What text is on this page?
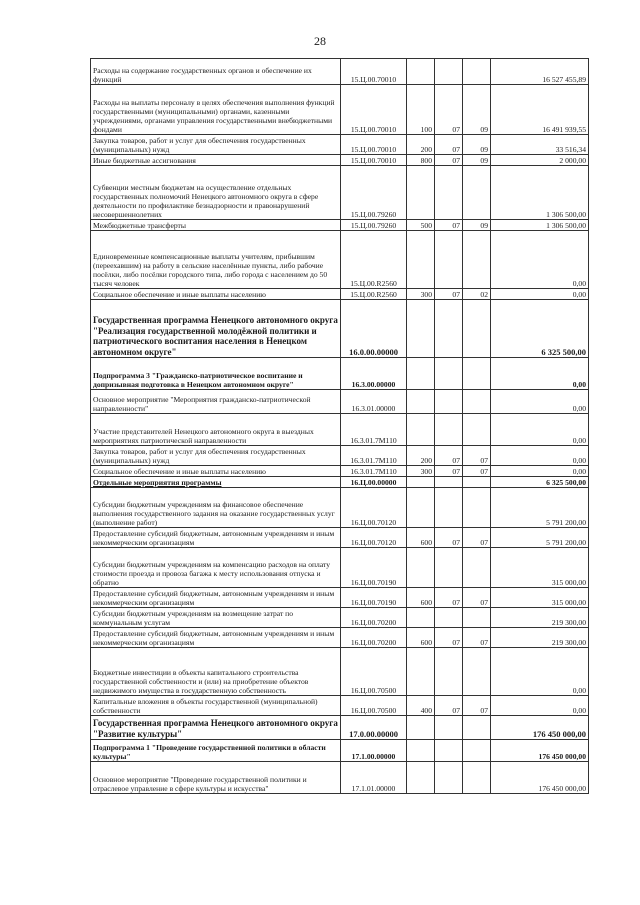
28
Расходы на содержание государственных органов и обеспечение их функций	15.Ц.00.70010				16 527 455,89
Расходы на выплаты персоналу в целях обеспечения выполнения функций государственными (муниципальными) органами, казенными учреждениями, органами управления государственными внебюджетными фондами	15.Ц.00.70010	100	07	09	16 491 939,55
Закупка товаров, работ и услуг для обеспечения государственных (муниципальных) нужд	15.Ц.00.70010	200	07	09	33 516,34
Иные бюджетные ассигнования	15.Ц.00.70010	800	07	09	2 000,00
Субвенции местным бюджетам на осуществление отдельных государственных полномочий Ненецкого автономного округа в сфере деятельности по профилактике безнадзорности и правонарушений несовершеннолетних	15.Ц.00.79260				1 306 500,00
Межбюджетные трансферты	15.Ц.00.79260	500	07	09	1 306 500,00
Единовременные компенсационные выплаты учителям, прибывшим (переехавшим) на работу в сельские населённые пункты, либо рабочие посёлки, либо посёлки городского типа, либо города с населением до 50 тысяч человек	15.Ц.00.R2560				0,00
Социальное обеспечение и иные выплаты населению	15.Ц.00.R2560	300	07	02	0,00
Государственная программа Ненецкого автономного округа "Реализация государственной молодёжной политики и патриотического воспитания населения в Ненецком автономном округе"	16.0.00.00000				6 325 500,00
Подпрограмма 3 "Гражданско-патриотическое воспитание и допризывная подготовка в Ненецком автономном округе"	16.3.00.00000				0,00
Основное мероприятие "Мероприятия гражданско-патриотической направленности"	16.3.01.00000				0,00
Участие представителей Ненецкого автономного округа в выездных мероприятиях патриотической направленности	16.3.01.7М110				0,00
Закупка товаров, работ и услуг для обеспечения государственных (муниципальных) нужд	16.3.01.7М110	200	07	07	0,00
Социальное обеспечение и иные выплаты населению	16.3.01.7М110	300	07	07	0,00
Отдельные мероприятия программы	16.Ц.00.00000				6 325 500,00
Субсидии бюджетным учреждениям на финансовое обеспечение выполнения государственного задания на оказание государственных услуг (выполнение работ)	16.Ц.00.70120				5 791 200,00
Предоставление субсидий бюджетным, автономным учреждениям и иным некоммерческим организациям	16.Ц.00.70120	600	07	07	5 791 200,00
Субсидии бюджетным учреждениям на компенсацию расходов на оплату стоимости проезда и провоза багажа к месту использования отпуска и обратно	16.Ц.00.70190				315 000,00
Предоставление субсидий бюджетным, автономным учреждениям и иным некоммерческим организациям	16.Ц.00.70190	600	07	07	315 000,00
Субсидии бюджетным учреждениям на возмещение затрат по коммунальным услугам	16.Ц.00.70200				219 300,00
Предоставление субсидий бюджетным, автономным учреждениям и иным некоммерческим организациям	16.Ц.00.70200	600	07	07	219 300,00
Бюджетные инвестиции в объекты капитального строительства государственной собственности и (или) на приобретение объектов недвижимого имущества в государственную собственность	16.Ц.00.70500				0,00
Капитальные вложения в объекты государственной (муниципальной) собственности	16.Ц.00.70500	400	07	07	0,00
Государственная программа Ненецкого автономного округа "Развитие культуры"	17.0.00.00000				176 450 000,00
Подпрограмма 1 "Проведение государственной политики в области культуры"	17.1.00.00000				176 450 000,00
Основное мероприятие "Проведение государственной политики и отраслевое управление в сфере культуры и искусства"	17.1.01.00000				176 450 000,00
